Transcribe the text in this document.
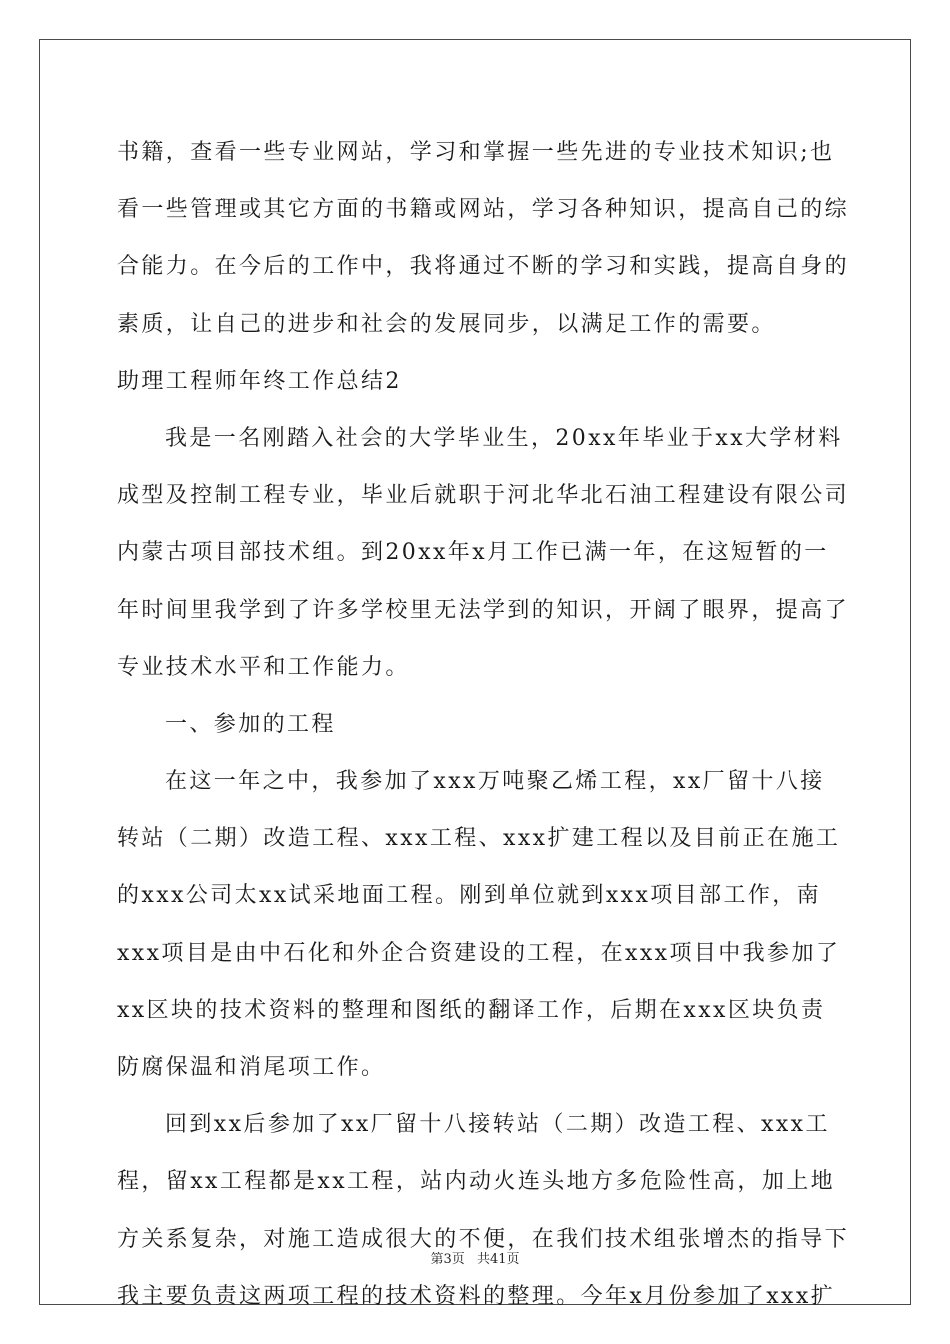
书籍，查看一些专业网站，学习和掌握一些先进的专业技术知识;也
看一些管理或其它方面的书籍或网站，学习各种知识，提高自己的综
合能力。在今后的工作中，我将通过不断的学习和实践，提高自身的
素质，让自己的进步和社会的发展同步，以满足工作的需要。
助理工程师年终工作总结2
我是一名刚踏入社会的大学毕业生，20xx年毕业于xx大学材料
成型及控制工程专业，毕业后就职于河北华北石油工程建设有限公司
内蒙古项目部技术组。到20xx年x月工作已满一年，在这短暂的一
年时间里我学到了许多学校里无法学到的知识，开阔了眼界，提高了
专业技术水平和工作能力。
一、参加的工程
在这一年之中，我参加了xxx万吨聚乙烯工程，xx厂留十八接
转站（二期）改造工程、xxx工程、xxx扩建工程以及目前正在施工
的xxx公司太xx试采地面工程。刚到单位就到xxx项目部工作，南
xxx项目是由中石化和外企合资建设的工程，在xxx项目中我参加了
xx区块的技术资料的整理和图纸的翻译工作，后期在xxx区块负责
防腐保温和消尾项工作。
回到xx后参加了xx厂留十八接转站（二期）改造工程、xxx工
程，留xx工程都是xx工程，站内动火连头地方多危险性高，加上地
方关系复杂，对施工造成很大的不便，在我们技术组张增杰的指导下
我主要负责这两项工程的技术资料的整理。今年x月份参加了xxx扩
第3页 共41页
